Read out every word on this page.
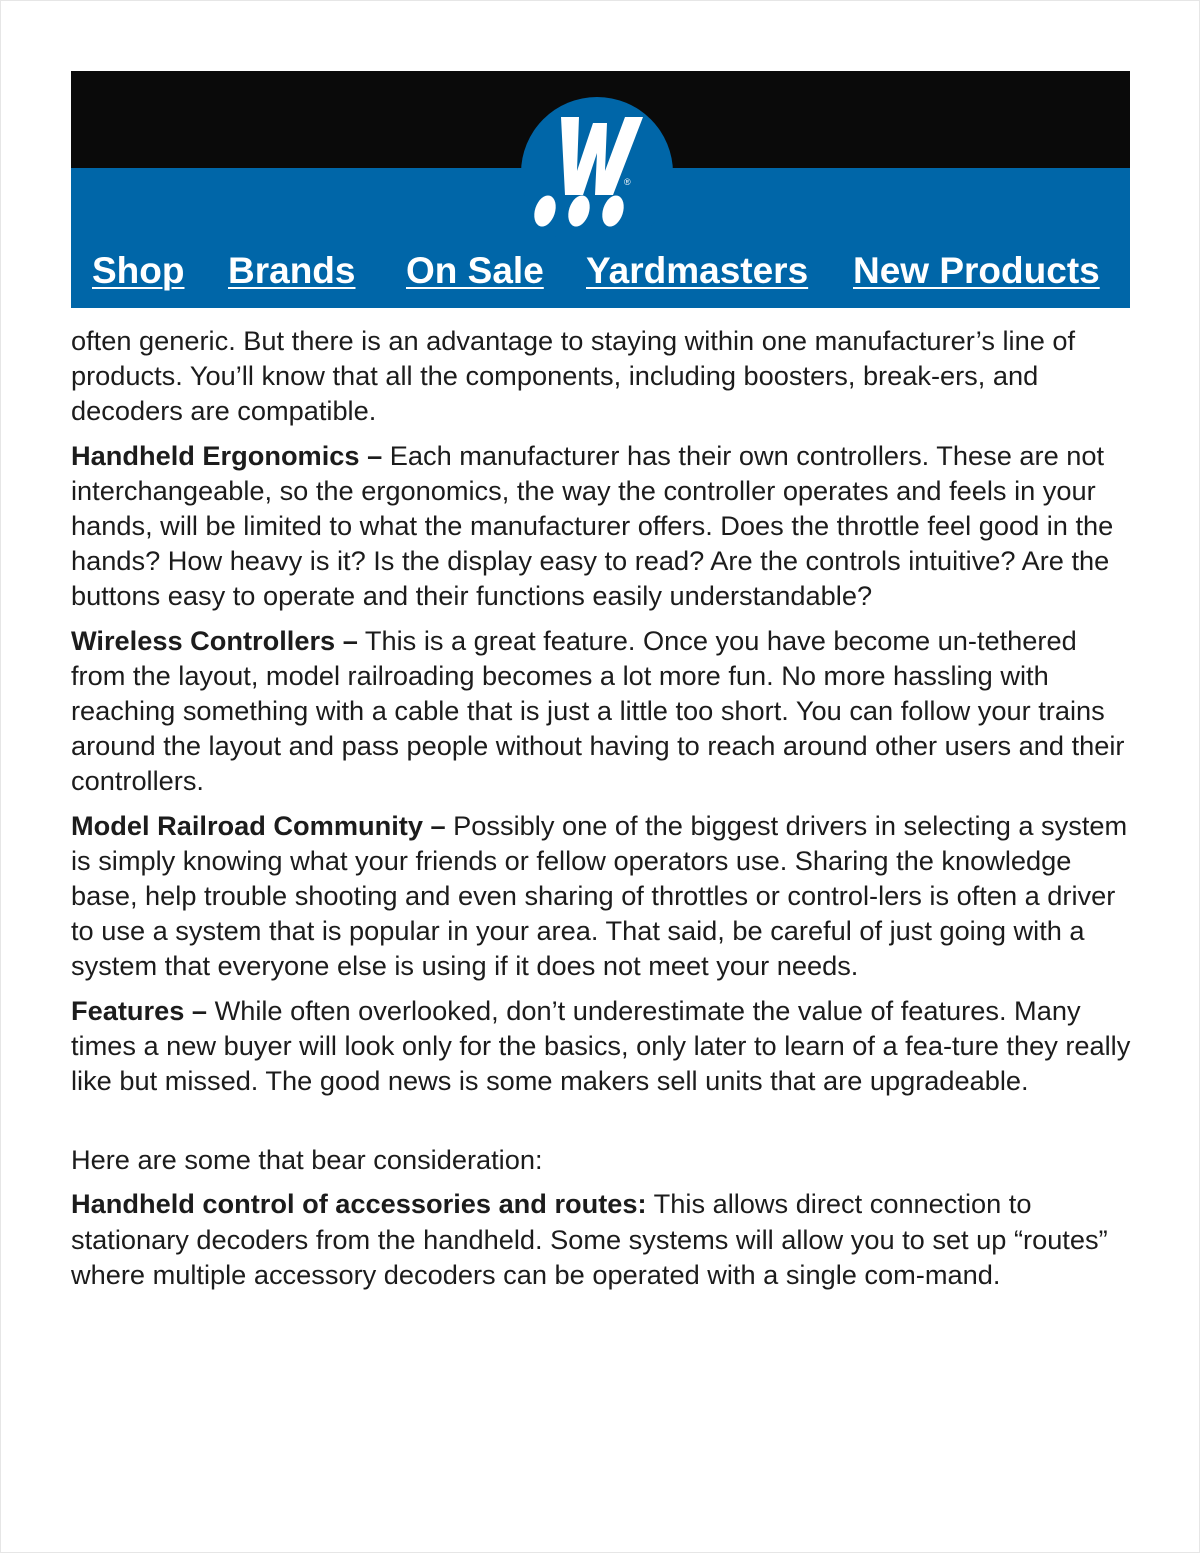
®
Shop Brands On Sale Yardmasters New Products

often generic. But there is an advantage to staying within one manufacturer’s line of products. You’ll know that all the components, including boosters, break-ers, and decoders are compatible.

Handheld Ergonomics – Each manufacturer has their own controllers. These are not interchangeable, so the ergonomics, the way the controller operates and feels in your hands, will be limited to what the manufacturer offers. Does the throttle feel good in the hands? How heavy is it? Is the display easy to read? Are the controls intuitive? Are the buttons easy to operate and their functions easily understandable?

Wireless Controllers – This is a great feature. Once you have become un-tethered from the layout, model railroading becomes a lot more fun. No more hassling with reaching something with a cable that is just a little too short. You can follow your trains around the layout and pass people without having to reach around other users and their controllers.

Model Railroad Community – Possibly one of the biggest drivers in selecting a system is simply knowing what your friends or fellow operators use. Sharing the knowledge base, help trouble shooting and even sharing of throttles or control-lers is often a driver to use a system that is popular in your area. That said, be careful of just going with a system that everyone else is using if it does not meet your needs.

Features – While often overlooked, don’t underestimate the value of features. Many times a new buyer will look only for the basics, only later to learn of a fea-ture they really like but missed. The good news is some makers sell units that are upgradeable.

Here are some that bear consideration:

Handheld control of accessories and routes: This allows direct connection to stationary decoders from the handheld. Some systems will allow you to set up “routes” where multiple accessory decoders can be operated with a single com-mand.
